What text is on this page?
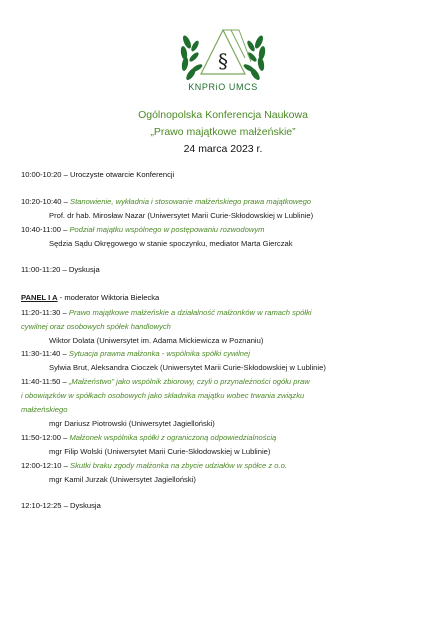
§
KNPRiO UMCS
Ogólnopolska Konferencja Naukowa
„Prawo majątkowe małżeńskie”
24 marca 2023 r.
10:00-10:20 – Uroczyste otwarcie Konferencji
10:20-10:40 – Stanowienie, wykładnia i stosowanie małżeńskiego prawa majątkowego
Prof. dr hab. Mirosław Nazar (Uniwersytet Marii Curie-Skłodowskiej w Lublinie)
10:40-11:00 – Podział majątku wspólnego w postępowaniu rozwodowym
Sędzia Sądu Okręgowego w stanie spoczynku, mediator Marta Gierczak
11:00-11:20 – Dyskusja
PANEL I A - moderator Wiktoria Bielecka
11:20-11:30 – Prawo majątkowe małżeńskie a działalność małżonków w ramach spółki
cywilnej oraz osobowych spółek handlowych
Wiktor Dolata (Uniwersytet im. Adama Mickiewicza w Poznaniu)
11:30-11:40 – Sytuacja prawna małżonka - wspólnika spółki cywilnej
Sylwia Brut, Aleksandra Cioczek (Uniwersytet Marii Curie-Skłodowskiej w Lublinie)
11:40-11:50 – „Małżeństwo” jako wspólnik zbiorowy, czyli o przynależności ogółu praw
i obowiązków w spółkach osobowych jako składnika majątku wobec trwania związku
małżeńskiego
mgr Dariusz Piotrowski (Uniwersytet Jagielloński)
11:50-12:00 – Małżonek wspólnika spółki z ograniczoną odpowiedzialnością
mgr Filip Wolski (Uniwersytet Marii Curie-Skłodowskiej w Lublinie)
12:00-12:10 – Skutki braku zgody małżonka na zbycie udziałów w spółce z o.o.
mgr Kamil Jurzak (Uniwersytet Jagielloński)
12:10-12:25 – Dyskusja
